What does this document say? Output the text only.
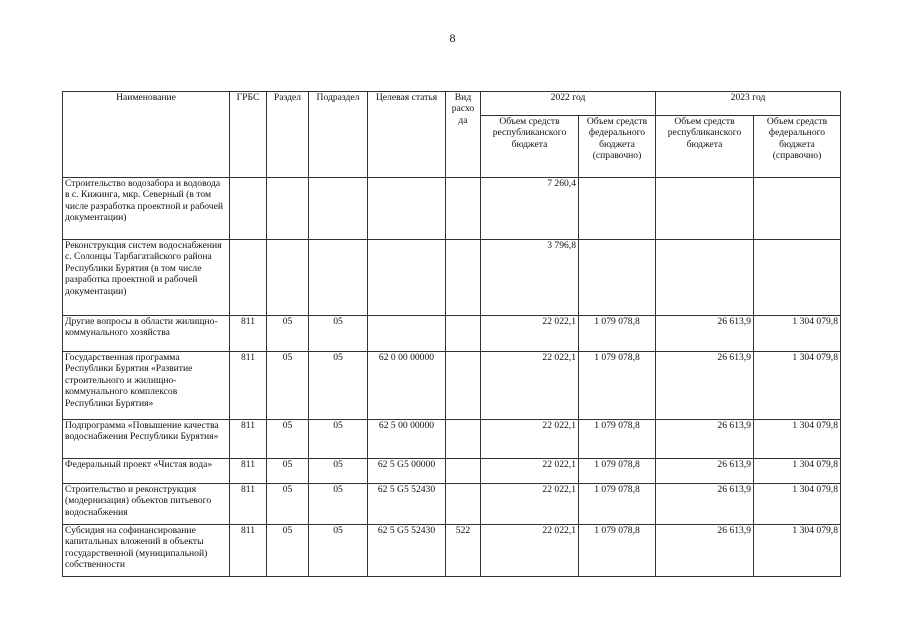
8
Наименование	ГРБС	Раздел	Подраздел	Целевая статья	Вид расхо да	2022 год		2023 год	
						Объем средств республиканского бюджета	Объем средств федерального бюджета (справочно)	Объем средств республиканского бюджета	Объем средств федерального бюджета (справочно)
Строительство водозабора и водовода в с. Кижинга, мкр. Северный (в том числе разработка проектной и рабочей документации)						7 260,4			
Реконструкция систем водоснабжения с. Солонцы Тарбагатайского района Республики Бурятия (в том числе разработка проектной и рабочей документации)						3 796,8			
Другие вопросы в области жилищно-коммунального хозяйства	811	05	05			22 022,1	1 079 078,8	26 613,9	1 304 079,8
Государственная программа Республики Бурятия «Развитие строительного и жилищно-коммунального комплексов Республики Бурятия»	811	05	05	62 0 00 00000		22 022,1	1 079 078,8	26 613,9	1 304 079,8
Подпрограмма «Повышение качества водоснабжения Республики Бурятия»	811	05	05	62 5 00 00000		22 022,1	1 079 078,8	26 613,9	1 304 079,8
Федеральный проект «Чистая вода»	811	05	05	62 5 G5 00000		22 022,1	1 079 078,8	26 613,9	1 304 079,8
Строительство и реконструкция (модернизация) объектов питьевого водоснабжения	811	05	05	62 5 G5 52430		22 022,1	1 079 078,8	26 613,9	1 304 079,8
Субсидия на софинансирование капитальных вложений в объекты государственной (муниципальной) собственности	811	05	05	62 5 G5 52430	522	22 022,1	1 079 078,8	26 613,9	1 304 079,8
